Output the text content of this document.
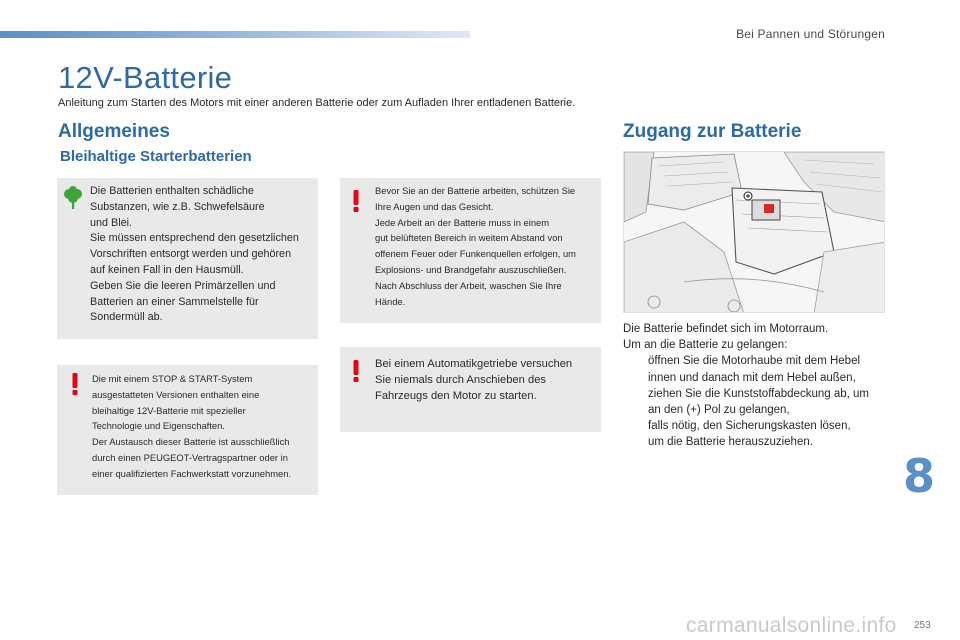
Bei Pannen und Störungen
12V-Batterie
Anleitung zum Starten des Motors mit einer anderen Batterie oder zum Aufladen Ihrer entladenen Batterie.
Allgemeines
Bleihaltige Starterbatterien
Die Batterien enthalten schädliche
Substanzen, wie z.B. Schwefelsäure
und Blei.
Sie müssen entsprechend den gesetzlichen
Vorschriften entsorgt werden und gehören
auf keinen Fall in den Hausmüll.
Geben Sie die leeren Primärzellen und
Batterien an einer Sammelstelle für
Sondermüll ab.
Die mit einem STOP & START-System
ausgestatteten Versionen enthalten eine
bleihaltige 12V-Batterie mit spezieller
Technologie und Eigenschaften.
Der Austausch dieser Batterie ist ausschließlich
durch einen PEUGEOT-Vertragspartner oder in
einer qualifizierten Fachwerkstatt vorzunehmen.
Bevor Sie an der Batterie arbeiten, schützen Sie
Ihre Augen und das Gesicht.
Jede Arbeit an der Batterie muss in einem
gut belüfteten Bereich in weitem Abstand von
offenem Feuer oder Funkenquellen erfolgen, um
Explosions- und Brandgefahr auszuschließen.
Nach Abschluss der Arbeit, waschen Sie Ihre
Hände.
Bei einem Automatikgetriebe versuchen
Sie niemals durch Anschieben des
Fahrzeugs den Motor zu starten.
Zugang zur Batterie
Die Batterie befindet sich im Motorraum.
Um an die Batterie zu gelangen:
öffnen Sie die Motorhaube mit dem Hebel
innen und danach mit dem Hebel außen,
ziehen Sie die Kunststoffabdeckung ab, um
an den (+) Pol zu gelangen,
falls nötig, den Sicherungskasten lösen,
um die Batterie herauszuziehen.
8
carmanualsonline.info 253
